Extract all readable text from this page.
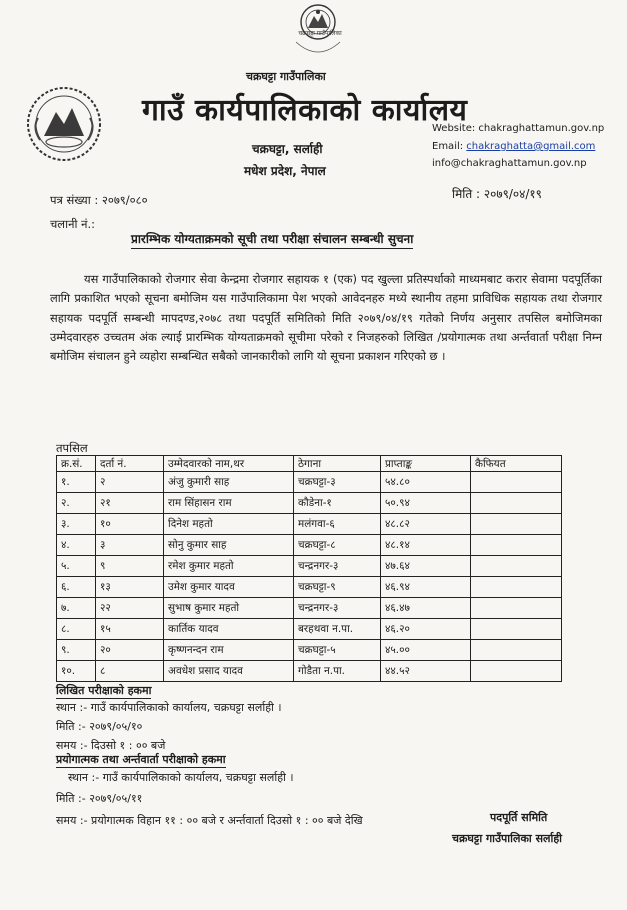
चक्रघट्टा गाउँपालिका
चक्रघट्टा गाउँपालिका
गाउँ कार्यपालिकाको कार्यालय
चक्रघट्टा, सर्लाही
मधेश प्रदेश, नेपाल
Website: chakraghattamun.gov.np
Email: chakraghatta@gmail.com
info@chakraghattamun.gov.np
पत्र संख्या : २०७९/०८०
चलानी नं.:
मिति : २०७९/०४/१९
प्रारम्भिक योग्यताक्रमको सूची तथा परीक्षा संचालन सम्बन्धी सुचना
यस गाउँपालिकाको रोजगार सेवा केन्द्रमा रोजगार सहायक १ (एक) पद खुल्ला प्रतिस्पर्धाको माध्यमबाट करार सेवामा पदपूर्तिका लागि प्रकाशित भएको सूचना बमोजिम यस गाउँपालिकामा पेश भएको आवेदनहरु मध्ये स्थानीय तहमा प्राविधिक सहायक तथा रोजगार सहायक पदपूर्ति सम्बन्धी मापदण्ड,२०७८ तथा पदपूर्ति समितिको मिति २०७९/०४/१९ गतेको निर्णय अनुसार तपसिल बमोजिमका उम्मेदवारहरु उच्चतम अंक ल्याई प्रारम्भिक योग्यताक्रमको सूचीमा परेको र निजहरुको लिखित /प्रयोगात्मक तथा अर्न्तवार्ता परीक्षा निम्न बमोजिम संचालन हुने व्यहोरा सम्बन्धित सबैको जानकारीको लागि यो सूचना प्रकाशन गरिएको छ ।
तपसिल
क्र.सं.	दर्ता नं.	उम्मेदवारको नाम,थर	ठेगाना	प्राप्ताङ्क	कैफियत
१.	२	अंजु कुमारी साह	चक्रघट्टा-३	५४.८०	
२.	२१	राम सिंहासन राम	कौडेना-१	५०.९४	
३.	१०	दिनेश महतो	मलंगवा-६	४८.८२	
४.	३	सोनु कुमार साह	चक्रघट्टा-८	४८.१४	
५.	९	रमेश कुमार महतो	चन्द्रनगर-३	४७.६४	
६.	१३	उमेश कुमार यादव	चक्रघट्टा-९	४६.९४	
७.	२२	सुभाष कुमार महतो	चन्द्रनगर-३	४६.४७	
८.	१५	कार्तिक यादव	बरहथवा न.पा.	४६.२०	
९.	२०	कृष्णनन्दन राम	चक्रघट्टा-५	४५.००	
१०.	८	अवधेश प्रसाद यादव	गोडैता न.पा.	४४.५२	
लिखित परीक्षाको हकमा
स्थान :- गाउँ कार्यपालिकाको कार्यालय, चक्रघट्टा सर्लाही ।
मिति :- २०७९/०५/१०
समय :- दिउसो १ : ०० बजे
प्रयोगात्मक तथा अर्न्तवार्ता परीक्षाको हकमा
स्थान :- गाउँ कार्यपालिकाको कार्यालय, चक्रघट्टा सर्लाही ।
मिति :- २०७९/०५/११
समय :- प्रयोगात्मक विहान ११ : ०० बजे र अर्न्तवार्ता दिउसो १ : ०० बजे देखि	पदपूर्ति समिति
चक्रघट्टा गाउँपालिका सर्लाही
